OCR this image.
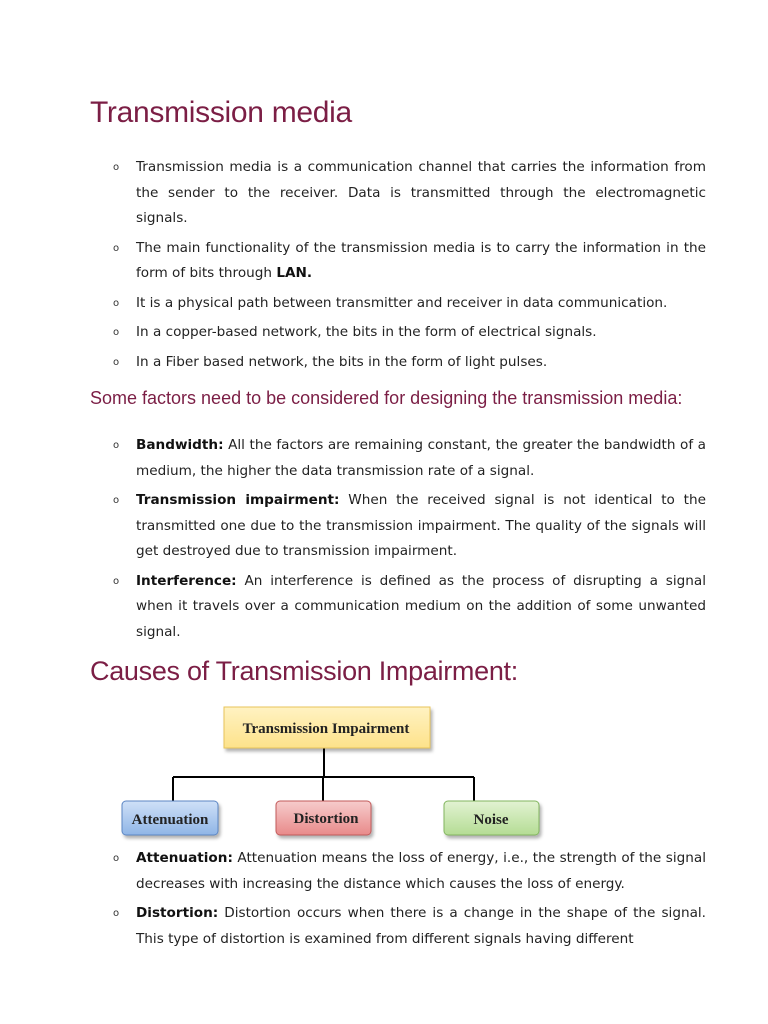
Transmission media
o Transmission media is a communication channel that carries the information from the sender to the receiver. Data is transmitted through the electromagnetic signals.
o The main functionality of the transmission media is to carry the information in the form of bits through LAN.
o It is a physical path between transmitter and receiver in data communication.
o In a copper-based network, the bits in the form of electrical signals.
o In a Fiber based network, the bits in the form of light pulses.
Some factors need to be considered for designing the transmission media:
o Bandwidth: All the factors are remaining constant, the greater the bandwidth of a medium, the higher the data transmission rate of a signal.
o Transmission impairment: When the received signal is not identical to the transmitted one due to the transmission impairment. The quality of the signals will get destroyed due to transmission impairment.
o Interference: An interference is defined as the process of disrupting a signal when it travels over a communication medium on the addition of some unwanted signal.
Causes of Transmission Impairment:
Transmission Impairment
Attenuation	Distortion	Noise
o Attenuation: Attenuation means the loss of energy, i.e., the strength of the signal decreases with increasing the distance which causes the loss of energy.
o Distortion: Distortion occurs when there is a change in the shape of the signal. This type of distortion is examined from different signals having different
